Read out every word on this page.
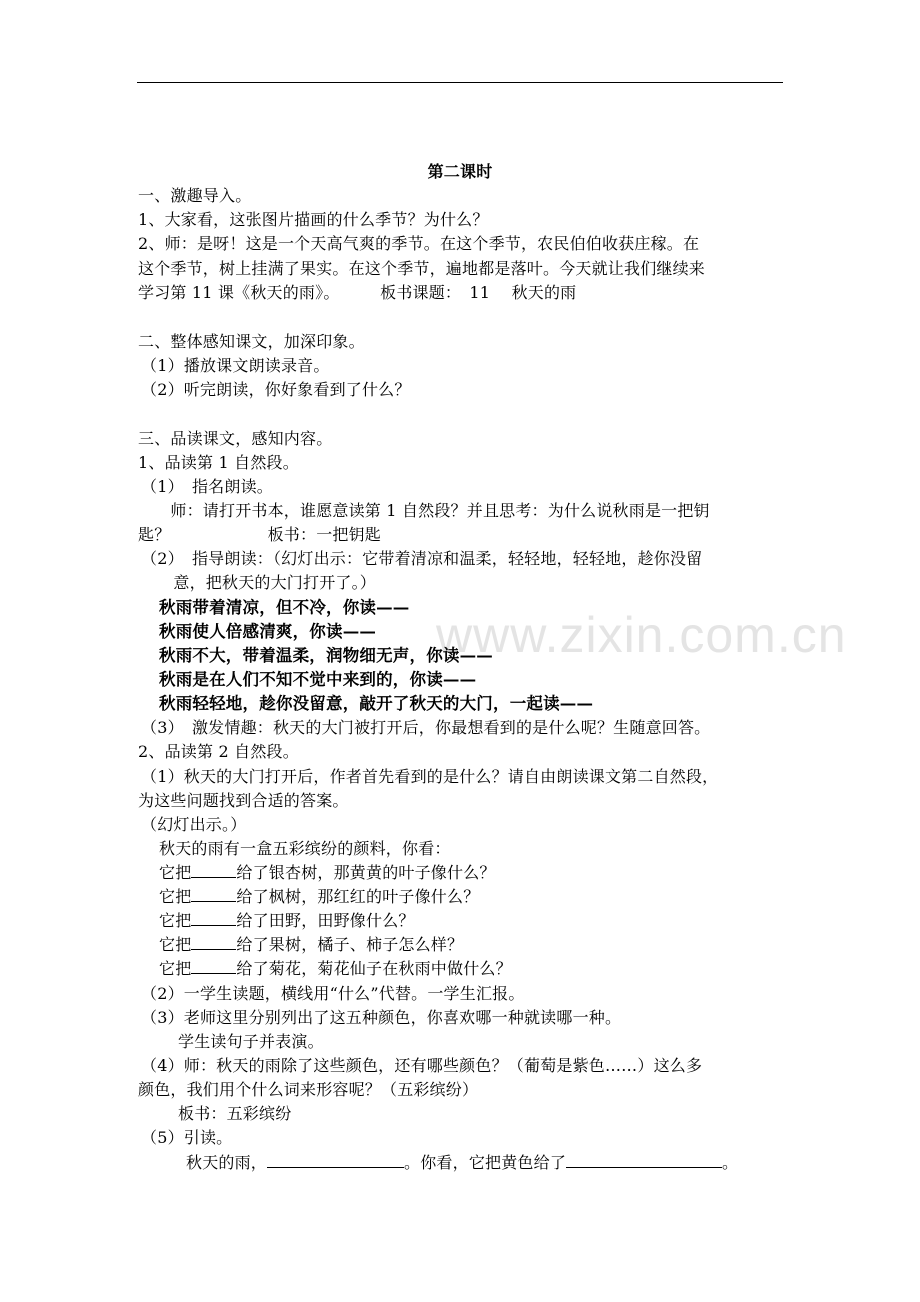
www.zixin.com.cn
第二课时
一、激趣导入。
1、大家看，这张图片描画的什么季节？为什么？
2、师：是呀！这是一个天高气爽的季节。在这个季节，农民伯伯收获庄稼。在
这个季节，树上挂满了果实。在这个季节，遍地都是落叶。今天就让我们继续来
学习第 11 课《秋天的雨》。　　　板书课题：　11　 秋天的雨
二、整体感知课文，加深印象。
（1）播放课文朗读录音。
（2）听完朗读，你好象看到了什么？
三、品读课文，感知内容。
1、品读第 1 自然段。
（1）　指名朗读。
　　师：请打开书本，谁愿意读第 1 自然段？并且思考：为什么说秋雨是一把钥
匙？　　　　　　板书：一把钥匙
（2）　指导朗读：（幻灯出示：它带着清凉和温柔，轻轻地，轻轻地，趁你没留
　　意，把秋天的大门打开了。）
秋雨带着清凉，但不冷，你读——
秋雨使人倍感清爽，你读——
秋雨不大，带着温柔，润物细无声，你读——
秋雨是在人们不知不觉中来到的，你读——
秋雨轻轻地，趁你没留意，敲开了秋天的大门，一起读——
（3）　激发情趣：秋天的大门被打开后，你最想看到的是什么呢？生随意回答。
2、品读第 2 自然段。
（1）秋天的大门打开后，作者首先看到的是什么？请自由朗读课文第二自然段，
为这些问题找到合适的答案。
（幻灯出示。）
秋天的雨有一盒五彩缤纷的颜料，你看：
它把	给了银杏树，那黄黄的叶子像什么？
它把	给了枫树，那红红的叶子像什么？
它把	给了田野，田野像什么？
它把	给了果树，橘子、柿子怎么样？
它把	给了菊花，菊花仙子在秋雨中做什么？
（2）一学生读题，横线用“什么”代替。一学生汇报。
（3）老师这里分别列出了这五种颜色，你喜欢哪一种就读哪一种。
学生读句子并表演。
（4）师：秋天的雨除了这些颜色，还有哪些颜色？（葡萄是紫色……）这么多
颜色，我们用个什么词来形容呢？（五彩缤纷）
板书：五彩缤纷
（5）引读。
秋天的雨，	。你看，它把黄色给了	。
